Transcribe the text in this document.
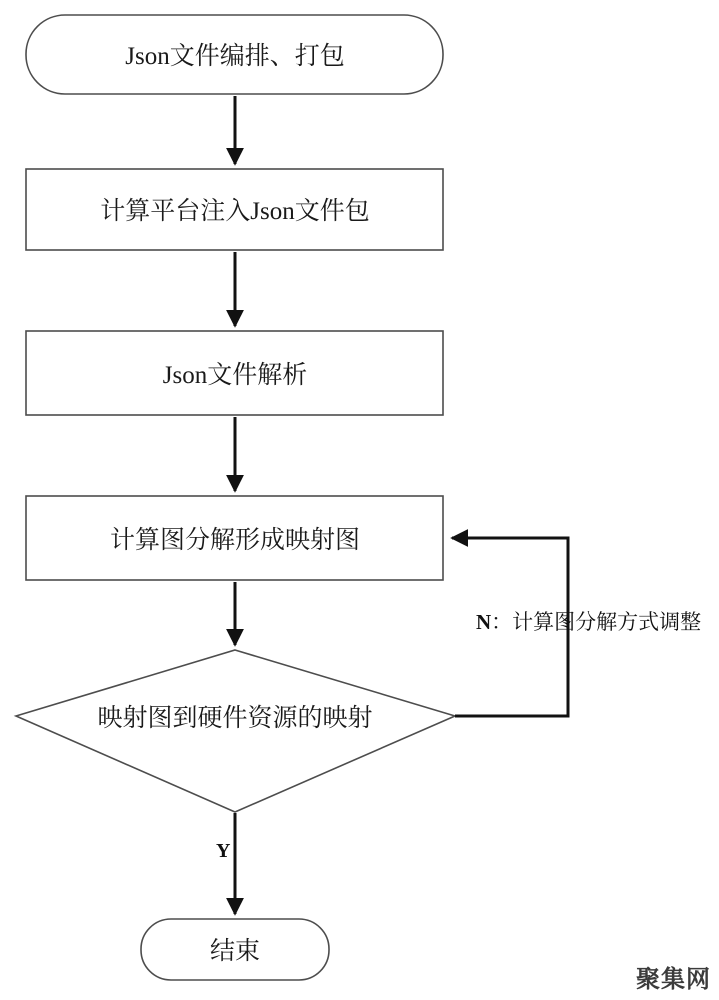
Json文件编排、打包
计算平台注入Json文件包
Json文件解析
计算图分解形成映射图
映射图到硬件资源的映射
结束
N：计算图分解方式调整
Y
聚集网
